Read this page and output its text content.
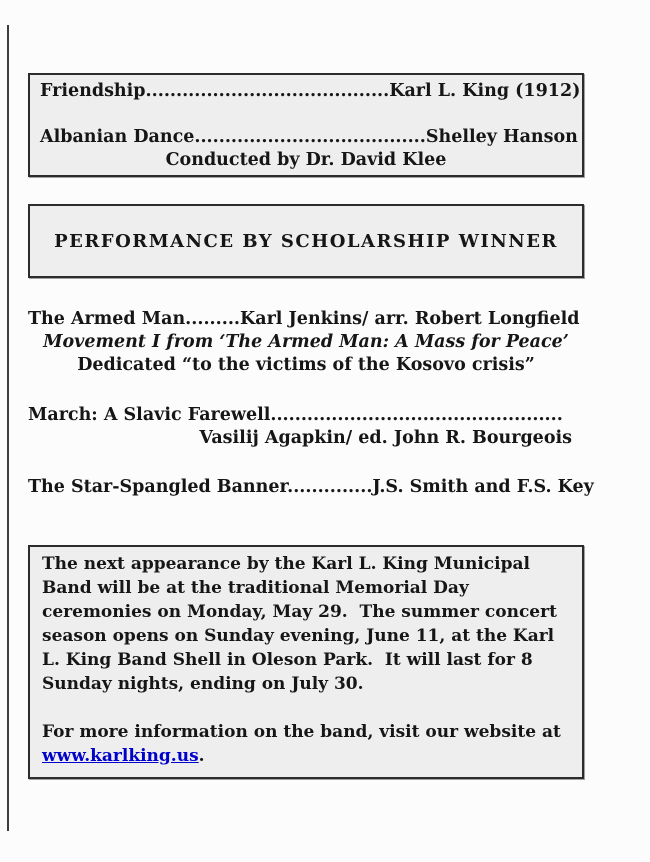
Friendship........................................Karl L. King (1912)
Albanian Dance......................................Shelley Hanson
Conducted by Dr. David Klee
PERFORMANCE BY SCHOLARSHIP WINNER
The Armed Man.........Karl Jenkins/ arr. Robert Longfield
Movement I from ‘The Armed Man: A Mass for Peace’
Dedicated “to the victims of the Kosovo crisis”
March: A Slavic Farewell................................................
Vasilij Agapkin/ ed. John R. Bourgeois
The Star-Spangled Banner..............J.S. Smith and F.S. Key
The next appearance by the Karl L. King Municipal Band will be at the traditional Memorial Day ceremonies on Monday, May 29.  The summer concert season opens on Sunday evening, June 11, at the Karl L. King Band Shell in Oleson Park.  It will last for 8 Sunday nights, ending on July 30.
For more information on the band, visit our website at www.karlking.us.
